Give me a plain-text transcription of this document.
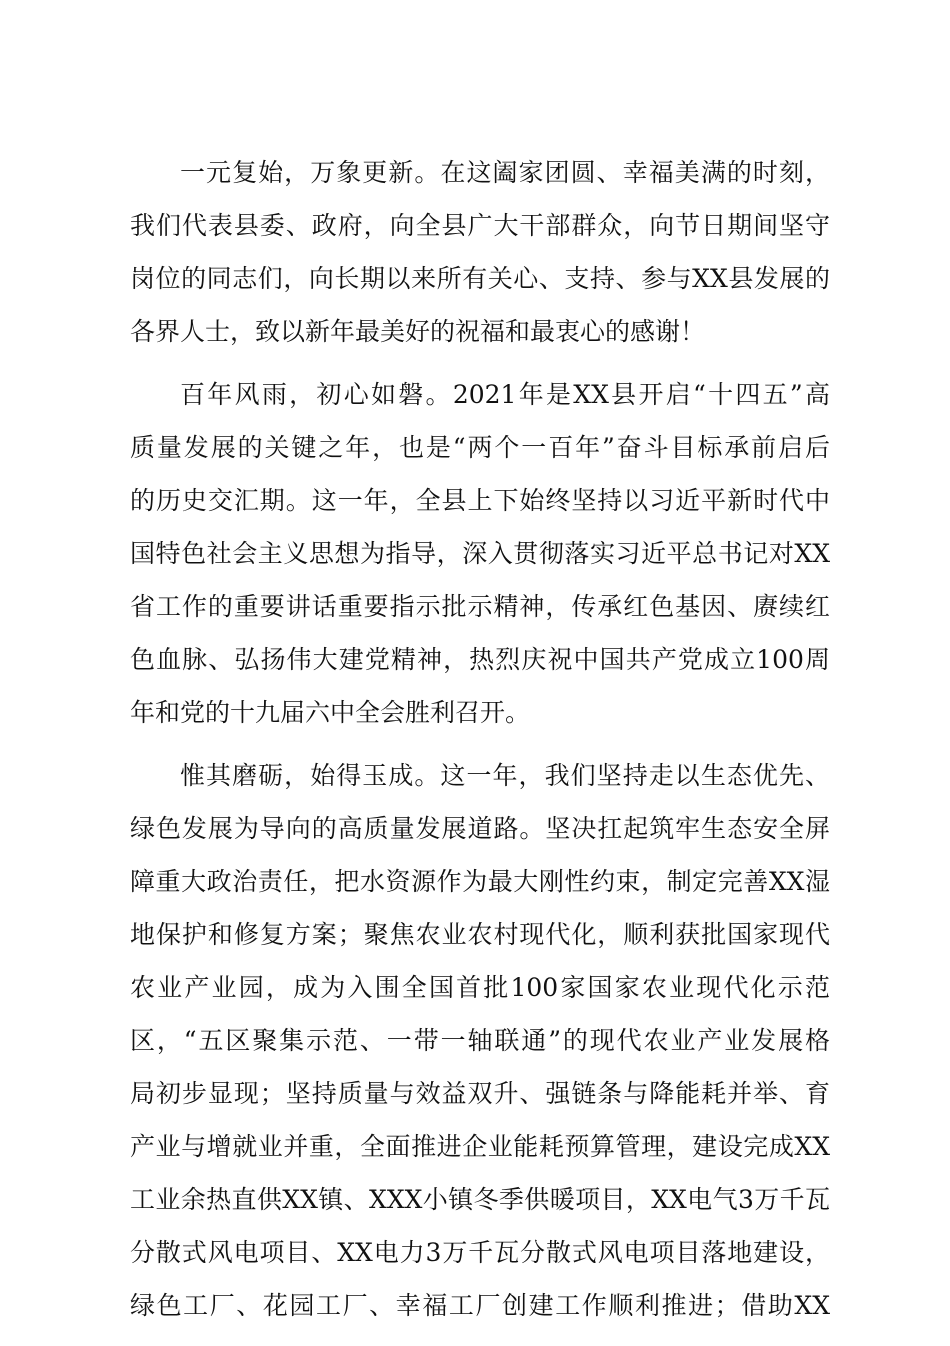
一元复始，万象更新。在这阖家团圆、幸福美满的时刻，
我们代表县委、政府，向全县广大干部群众，向节日期间坚守
岗位的同志们，向长期以来所有关心、支持、参与XX县发展的
各界人士，致以新年最美好的祝福和最衷心的感谢！
百年风雨，初心如磐。2021年是XX县开启“十四五”高
质量发展的关键之年，也是“两个一百年”奋斗目标承前启后
的历史交汇期。这一年，全县上下始终坚持以习近平新时代中
国特色社会主义思想为指导，深入贯彻落实习近平总书记对XX
省工作的重要讲话重要指示批示精神，传承红色基因、赓续红
色血脉、弘扬伟大建党精神，热烈庆祝中国共产党成立100周
年和党的十九届六中全会胜利召开。
惟其磨砺，始得玉成。这一年，我们坚持走以生态优先、
绿色发展为导向的高质量发展道路。坚决扛起筑牢生态安全屏
障重大政治责任，把水资源作为最大刚性约束，制定完善XX湿
地保护和修复方案；聚焦农业农村现代化，顺利获批国家现代
农业产业园，成为入围全国首批100家国家农业现代化示范
区，“五区聚集示范、一带一轴联通”的现代农业产业发展格
局初步显现；坚持质量与效益双升、强链条与降能耗并举、育
产业与增就业并重，全面推进企业能耗预算管理，建设完成XX
工业余热直供XX镇、XXX小镇冬季供暖项目，XX电气3万千瓦
分散式风电项目、XX电力3万千瓦分散式风电项目落地建设，
绿色工厂、花园工厂、幸福工厂创建工作顺利推进；借助XX
